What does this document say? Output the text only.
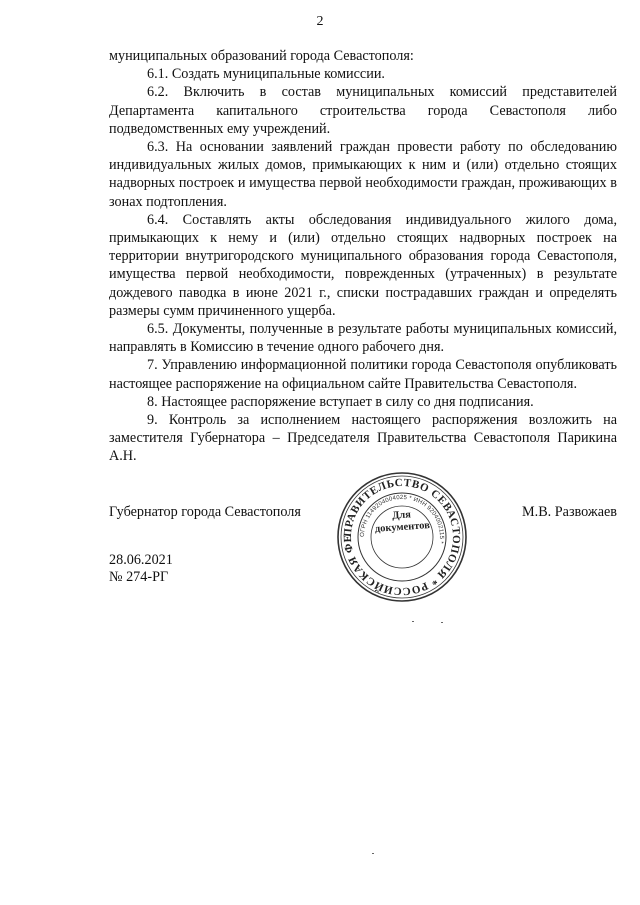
2

муниципальных образований города Севастополя:

6.1. Создать муниципальные комиссии.

6.2. Включить в состав муниципальных комиссий представителей Департамента капитального строительства города Севастополя либо подведомственных ему учреждений.

6.3. На основании заявлений граждан провести работу по обследованию индивидуальных жилых домов, примыкающих к ним и (или) отдельно стоящих надворных построек и имущества первой необходимости граждан, проживающих в зонах подтопления.

6.4. Составлять акты обследования индивидуального жилого дома, примыкающих к нему и (или) отдельно стоящих надворных построек на территории внутригородского муниципального образования города Севастополя, имущества первой необходимости, поврежденных (утраченных) в результате дождевого паводка в июне 2021 г., списки пострадавших граждан и определять размеры сумм причиненного ущерба.

6.5. Документы, полученные в результате работы муниципальных комиссий, направлять в Комиссию в течение одного рабочего дня.

7. Управлению информационной политики города Севастополя опубликовать настоящее распоряжение на официальном сайте Правительства Севастополя.

8. Настоящее распоряжение вступает в силу со дня подписания.

9. Контроль за исполнением настоящего распоряжения возложить на заместителя Губернатора – Председателя Правительства Севастополя Парикина А.Н.

Губернатор города Севастополя	М.В. Развожаев
ПРАВИТЕЛЬСТВО СЕВАСТОПОЛЯ * РОССИЙСКАЯ ФЕ ОГРН 1149204004025 * ИНН 9204002115 *
Для
документов
28.06.2021
№ 274-РГ
